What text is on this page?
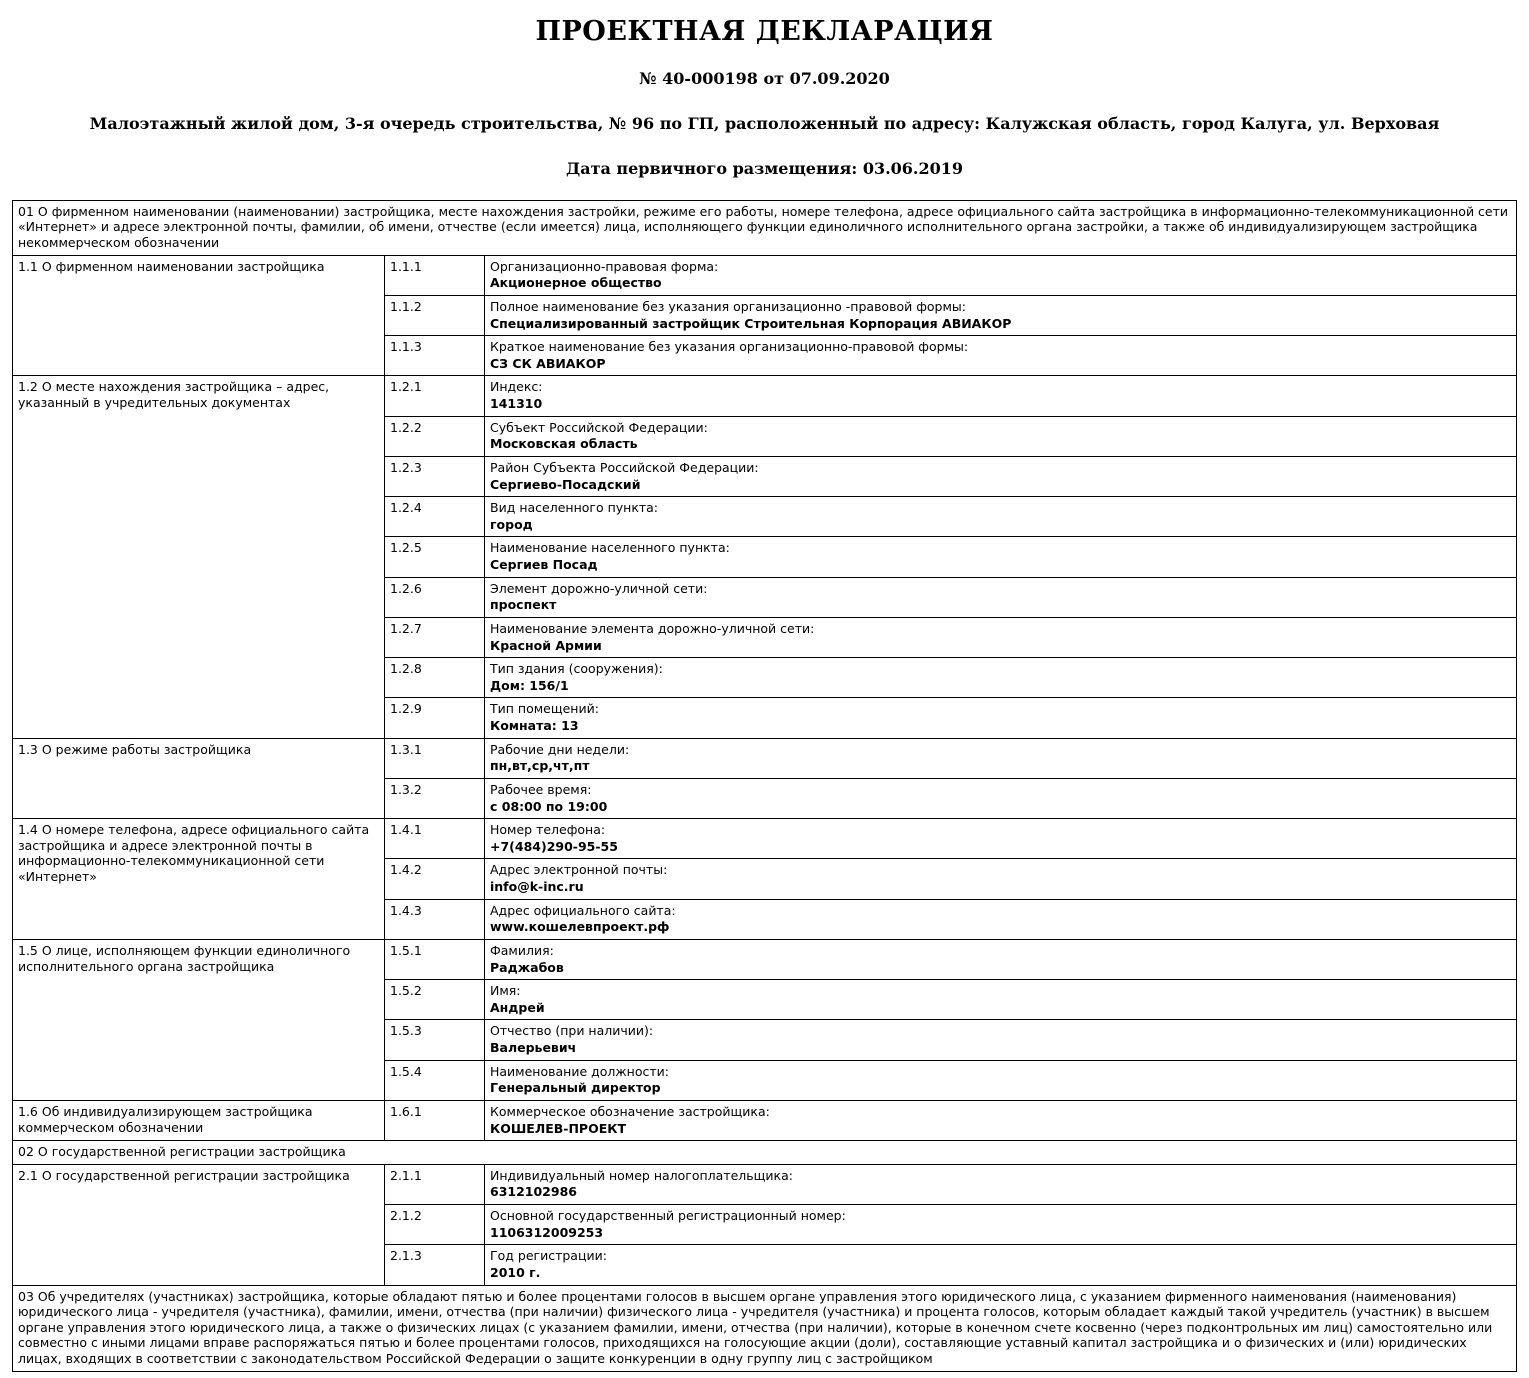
ПРОЕКТНАЯ ДЕКЛАРАЦИЯ
№ 40-000198 от 07.09.2020
Малоэтажный жилой дом, 3-я очередь строительства, № 96 по ГП, расположенный по адресу: Калужская область, город Калуга, ул. Верховая
Дата первичного размещения: 03.06.2019
01 О фирменном наименовании (наименовании) застройщика, месте нахождения застройки, режиме его работы, номере телефона, адресе официального сайта застройщика в информационно-телекоммуникационной сети «Интернет» и адресе электронной почты, фамилии, об имени, отчестве (если имеется) лица, исполняющего функции единоличного исполнительного органа застройки, а также об индивидуализирующем застройщика некоммерческом обозначении		
1.1 О фирменном наименовании застройщика	1.1.1	Организационно-правовая форма:
Акционерное общество

	1.1.2	Полное наименование без указания организационно -правовой формы:
Специализированный застройщик Строительная Корпорация АВИАКОР

	1.1.3	Краткое наименование без указания организационно-правовой формы:
СЗ СК АВИАКОР

1.2 О месте нахождения застройщика – адрес, указанный в учредительных документах	1.2.1	Индекс:
141310

	1.2.2	Субъект Российской Федерации:
Московская область

	1.2.3	Район Субъекта Российской Федерации:
Сергиево-Посадский

	1.2.4	Вид населенного пункта:
город

	1.2.5	Наименование населенного пункта:
Сергиев Посад

	1.2.6	Элемент дорожно-уличной сети:
проспект

	1.2.7	Наименование элемента дорожно-уличной сети:
Красной Армии

	1.2.8	Тип здания (сооружения):
Дом: 156/1

	1.2.9	Тип помещений:
Комната: 13

1.3 О режиме работы застройщика	1.3.1	Рабочие дни недели:
пн,вт,ср,чт,пт

	1.3.2	Рабочее время:
с 08:00 по 19:00

1.4 О номере телефона, адресе официального сайта застройщика и адресе электронной почты в информационно-телекоммуникационной сети «Интернет»	1.4.1	Номер телефона:
+7(484)290-95-55

	1.4.2	Адрес электронной почты:
info@k-inc.ru

	1.4.3	Адрес официального сайта:
www.кошелевпроект.рф

1.5 О лице, исполняющем функции единоличного исполнительного органа застройщика	1.5.1	Фамилия:
Раджабов

	1.5.2	Имя:
Андрей

	1.5.3	Отчество (при наличии):
Валерьевич

	1.5.4	Наименование должности:
Генеральный директор

1.6 Об индивидуализирующем застройщика коммерческом обозначении	1.6.1	Коммерческое обозначение застройщика:
КОШЕЛЕВ-ПРОЕКТ

02 О государственной регистрации застройщика		
2.1 О государственной регистрации застройщика	2.1.1	Индивидуальный номер налогоплательщика:
6312102986

	2.1.2	Основной государственный регистрационный номер:
1106312009253

	2.1.3	Год регистрации:
2010 г.

03 Об учредителях (участниках) застройщика, которые обладают пятью и более процентами голосов в высшем органе управления этого юридического лица, с указанием фирменного наименования (наименования) юридического лица - учредителя (участника), фамилии, имени, отчества (при наличии) физического лица - учредителя (участника) и процента голосов, которым обладает каждый такой учредитель (участник) в высшем органе управления этого юридического лица, а также о физических лицах (с указанием фамилии, имени, отчества (при наличии), которые в конечном счете косвенно (через подконтрольных им лиц) самостоятельно или совместно с иными лицами вправе распоряжаться пятью и более процентами голосов, приходящихся на голосующие акции (доли), составляющие уставный капитал застройщика и о физических и (или) юридических лицах, входящих в соответствии с законодательством Российской Федерации о защите конкуренции в одну группу лиц с застройщиком		
